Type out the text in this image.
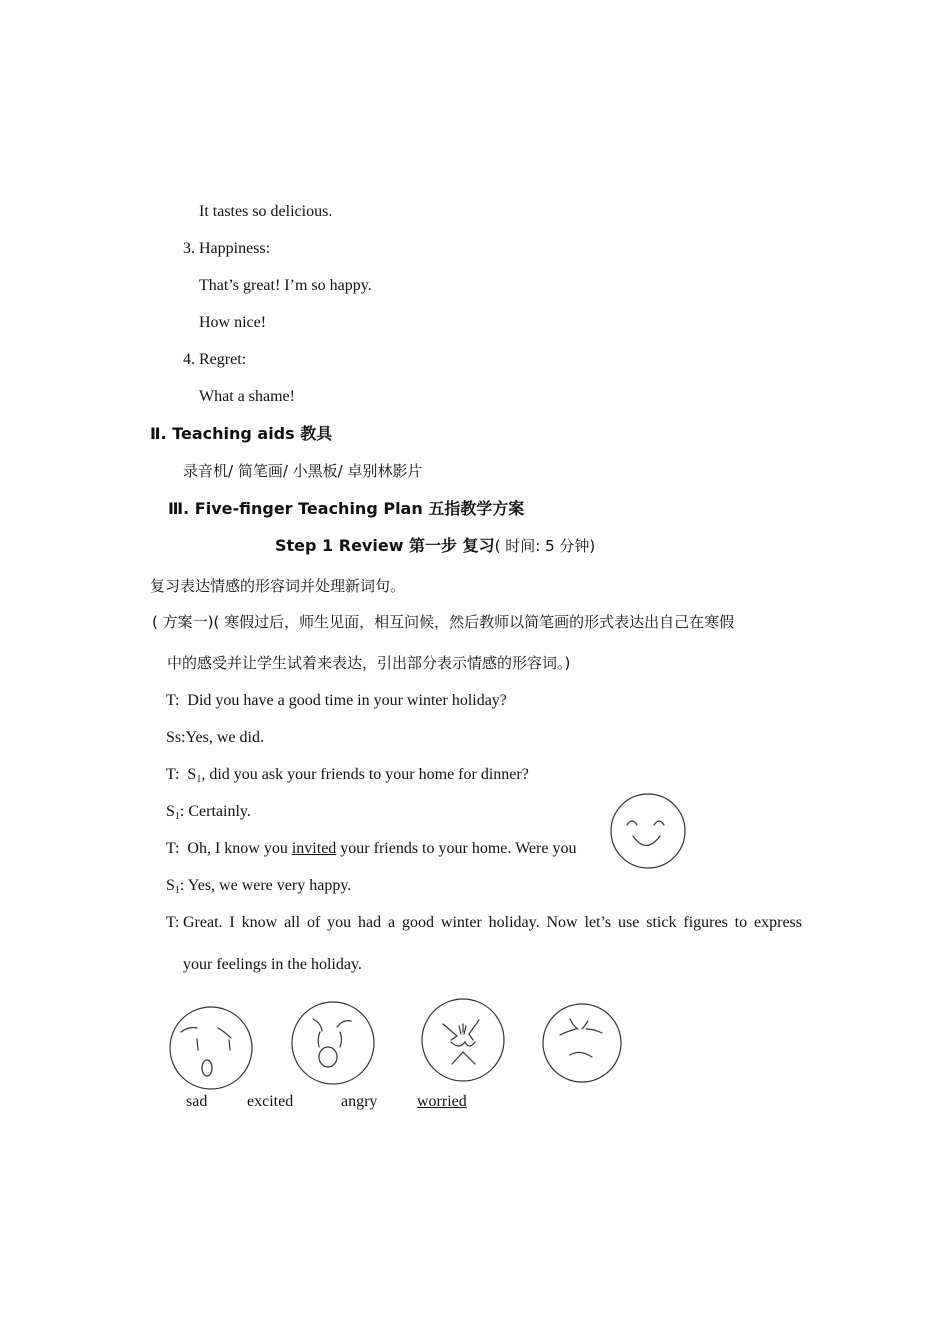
It tastes so delicious.
3. Happiness:
That’s great! I’m so happy.
How nice!
4. Regret:
What a shame!
Ⅱ. Teaching aids 教具
录音机/ 简笔画/ 小黑板/ 卓别林影片
Ⅲ. Five-finger Teaching Plan 五指教学方案
Step 1 Review 第一步 复习( 时间: 5 分钟)
复习表达情感的形容词并处理新词句。
( 方案一)( 寒假过后，师生见面，相互问候，然后教师以简笔画的形式表达出自己在寒假
中的感受并让学生试着来表达，引出部分表示情感的形容词。)
T: Did you have a good time in your winter holiday?
Ss:Yes, we did.
T: $S_1$, did you ask your friends to your home for dinner?
$S_1$: Certainly.
T: Oh, I know you invited your friends to your home. Were you
$S_1$: Yes, we were very happy.
T: Great. I know all of you had a good winter holiday. Now let’s use stick figures to express
your feelings in the holiday.
sad excited	angry worried
